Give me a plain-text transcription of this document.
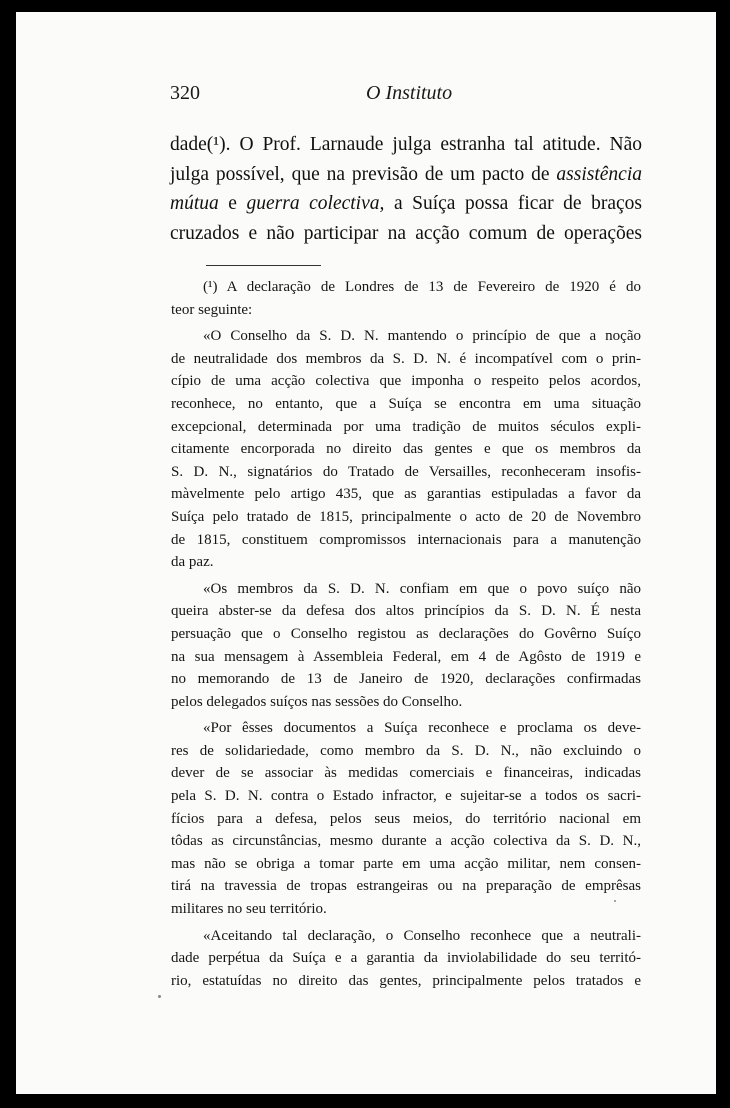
320	O Instituto
dade(¹). O Prof. Larnaude julga estranha tal atitude. Não
julga possível, que na previsão de um pacto de assistência
mútua e guerra colectiva, a Suíça possa ficar de braços
cruzados e não participar na acção comum de operações
(¹) A declaração de Londres de 13 de Fevereiro de 1920 é do
teor seguinte:
«O Conselho da S. D. N. mantendo o princípio de que a noção
de neutralidade dos membros da S. D. N. é incompatível com o prin-
cípio de uma acção colectiva que imponha o respeito pelos acordos,
reconhece, no entanto, que a Suíça se encontra em uma situação
excepcional, determinada por uma tradição de muitos séculos expli-
citamente encorporada no direito das gentes e que os membros da
S. D. N., signatários do Tratado de Versailles, reconheceram insofis-
màvelmente pelo artigo 435, que as garantias estipuladas a favor da
Suíça pelo tratado de 1815, principalmente o acto de 20 de Novembro
de 1815, constituem compromissos internacionais para a manutenção
da paz.
«Os membros da S. D. N. confiam em que o povo suíço não
queira abster-se da defesa dos altos princípios da S. D. N. É nesta
persuação que o Conselho registou as declarações do Govêrno Suíço
na sua mensagem à Assembleia Federal, em 4 de Agôsto de 1919 e
no memorando de 13 de Janeiro de 1920, declarações confirmadas
pelos delegados suíços nas sessões do Conselho.
«Por êsses documentos a Suíça reconhece e proclama os deve-
res de solidariedade, como membro da S. D. N., não excluindo o
dever de se associar às medidas comerciais e financeiras, indicadas
pela S. D. N. contra o Estado infractor, e sujeitar-se a todos os sacri-
fícios para a defesa, pelos seus meios, do território nacional em
tôdas as circunstâncias, mesmo durante a acção colectiva da S. D. N.,
mas não se obriga a tomar parte em uma acção militar, nem consen-
tirá na travessia de tropas estrangeiras ou na preparação de emprêsas
militares no seu território.
«Aceitando tal declaração, o Conselho reconhece que a neutrali-
dade perpétua da Suíça e a garantia da inviolabilidade do seu territó-
rio, estatuídas no direito das gentes, principalmente pelos tratados e
